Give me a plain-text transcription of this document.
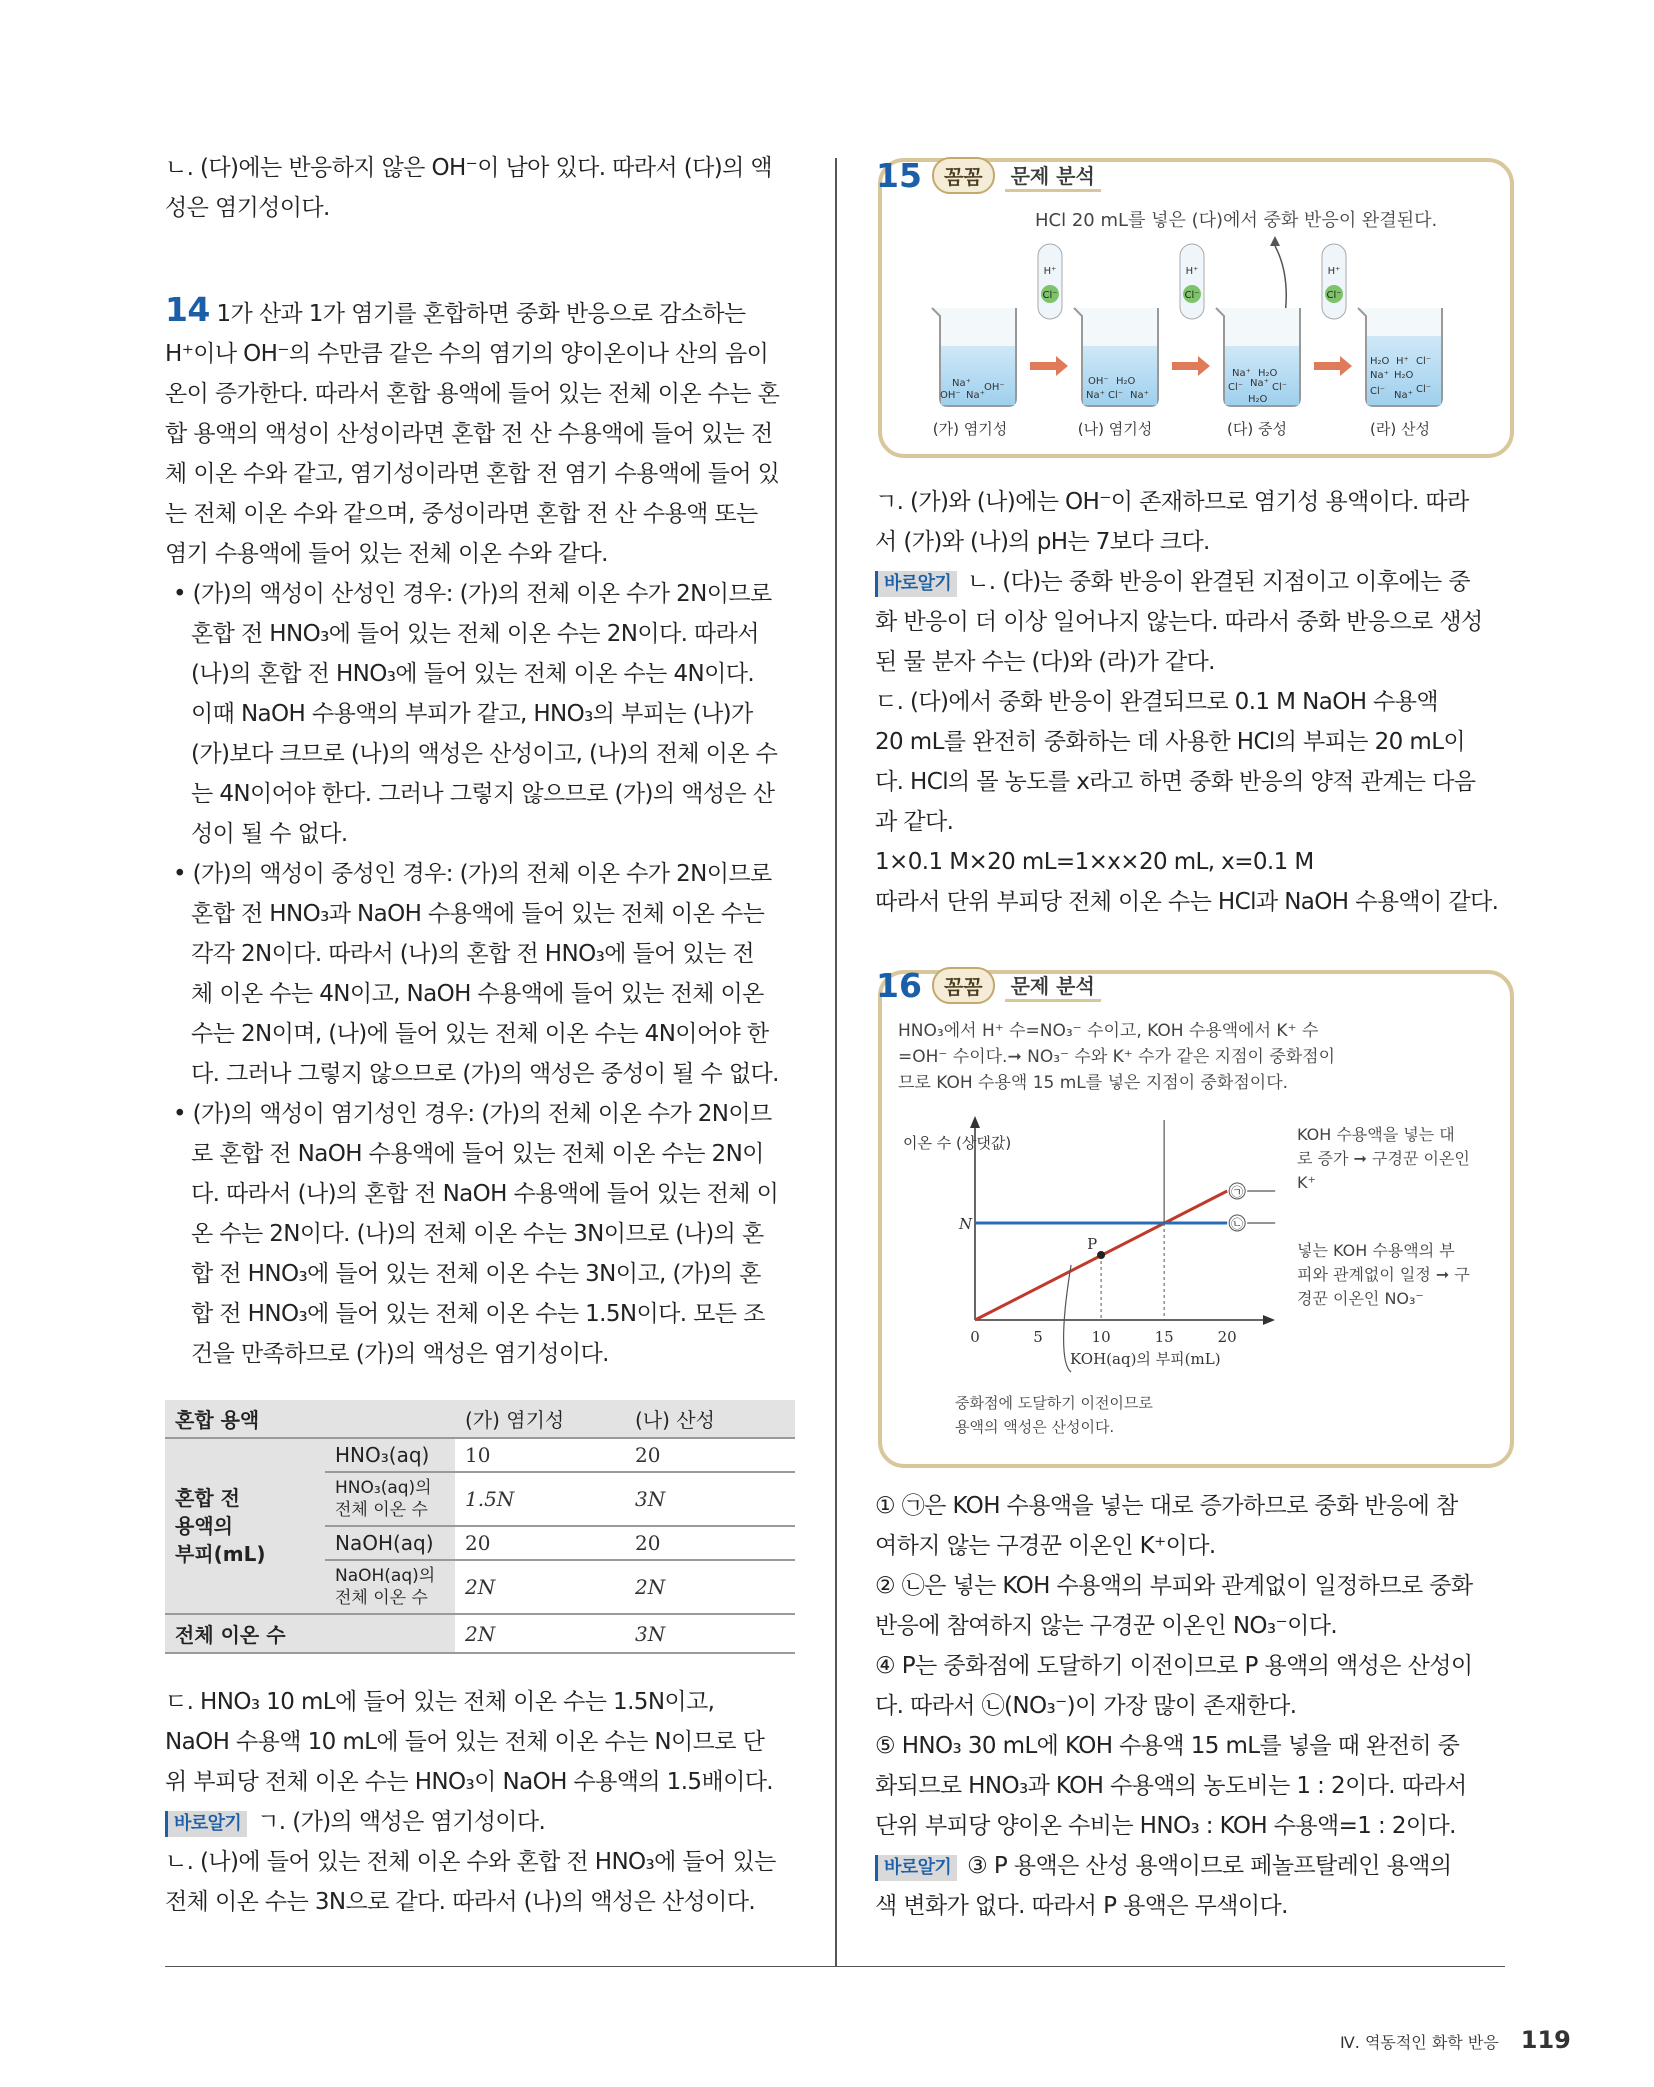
ㄴ. (다)에는 반응하지 않은 OH⁻이 남아 있다. 따라서 (다)의 액

성은 염기성이다.

14 1가 산과 1가 염기를 혼합하면 중화 반응으로 감소하는

H⁺이나 OH⁻의 수만큼 같은 수의 염기의 양이온이나 산의 음이

온이 증가한다. 따라서 혼합 용액에 들어 있는 전체 이온 수는 혼

합 용액의 액성이 산성이라면 혼합 전 산 수용액에 들어 있는 전

체 이온 수와 같고, 염기성이라면 혼합 전 염기 수용액에 들어 있

는 전체 이온 수와 같으며, 중성이라면 혼합 전 산 수용액 또는

염기 수용액에 들어 있는 전체 이온 수와 같다.

• (가)의 액성이 산성인 경우: (가)의 전체 이온 수가 2N이므로

혼합 전 HNO₃에 들어 있는 전체 이온 수는 2N이다. 따라서

(나)의 혼합 전 HNO₃에 들어 있는 전체 이온 수는 4N이다.

이때 NaOH 수용액의 부피가 같고, HNO₃의 부피는 (나)가

(가)보다 크므로 (나)의 액성은 산성이고, (나)의 전체 이온 수

는 4N이어야 한다. 그러나 그렇지 않으므로 (가)의 액성은 산

성이 될 수 없다.

• (가)의 액성이 중성인 경우: (가)의 전체 이온 수가 2N이므로

혼합 전 HNO₃과 NaOH 수용액에 들어 있는 전체 이온 수는

각각 2N이다. 따라서 (나)의 혼합 전 HNO₃에 들어 있는 전

체 이온 수는 4N이고, NaOH 수용액에 들어 있는 전체 이온

수는 2N이며, (나)에 들어 있는 전체 이온 수는 4N이어야 한

다. 그러나 그렇지 않으므로 (가)의 액성은 중성이 될 수 없다.

• (가)의 액성이 염기성인 경우: (가)의 전체 이온 수가 2N이므

로 혼합 전 NaOH 수용액에 들어 있는 전체 이온 수는 2N이

다. 따라서 (나)의 혼합 전 NaOH 수용액에 들어 있는 전체 이

온 수는 2N이다. (나)의 전체 이온 수는 3N이므로 (나)의 혼

합 전 HNO₃에 들어 있는 전체 이온 수는 3N이고, (가)의 혼

합 전 HNO₃에 들어 있는 전체 이온 수는 1.5N이다. 모든 조

건을 만족하므로 (가)의 액성은 염기성이다.

혼합 용액		(가) 염기성	(나) 산성

혼합 전
용액의
부피(mL)	HNO₃(aq)	10	20
	HNO₃(aq)의 전체 이온 수	1.5N	3N
	NaOH(aq)	20	20
	NaOH(aq)의 전체 이온 수	2N	2N
전체 이온 수		2N	3N

ㄷ. HNO₃ 10 mL에 들어 있는 전체 이온 수는 1.5N이고,

NaOH 수용액 10 mL에 들어 있는 전체 이온 수는 N이므로 단

위 부피당 전체 이온 수는 HNO₃이 NaOH 수용액의 1.5배이다.

바로알기 ㄱ. (가)의 액성은 염기성이다.

ㄴ. (나)에 들어 있는 전체 이온 수와 혼합 전 HNO₃에 들어 있는

전체 이온 수는 3N으로 같다. 따라서 (나)의 액성은 산성이다.

15	꼼꼼	문제 분석
HCl 20 mL를 넣은 (다)에서 중화 반응이 완결된다.
H⁺
Cl⁻
H⁺
Cl⁻
H⁺
Cl⁻
Na⁺
OH⁻ Na⁺
OH⁻
OH⁻ H₂O
Na⁺ Cl⁻ Na⁺
Na⁺ H₂O
Cl⁻ Na⁺ Cl⁻
H₂O
H₂O H⁺ Cl⁻
Na⁺ H₂O
Cl⁻ Na⁺
Cl⁻
(가) 염기성	(나) 염기성	(다) 중성	(라) 산성

ㄱ. (가)와 (나)에는 OH⁻이 존재하므로 염기성 용액이다. 따라

서 (가)와 (나)의 pH는 7보다 크다.

바로알기 ㄴ. (다)는 중화 반응이 완결된 지점이고 이후에는 중

화 반응이 더 이상 일어나지 않는다. 따라서 중화 반응으로 생성

된 물 분자 수는 (다)와 (라)가 같다.

ㄷ. (다)에서 중화 반응이 완결되므로 0.1 M NaOH 수용액

20 mL를 완전히 중화하는 데 사용한 HCl의 부피는 20 mL이

다. HCl의 몰 농도를 x라고 하면 중화 반응의 양적 관계는 다음

과 같다.

1×0.1 M×20 mL=1×x×20 mL, x=0.1 M

따라서 단위 부피당 전체 이온 수는 HCl과 NaOH 수용액이 같다.

16	꼼꼼	문제 분석
HNO₃에서 H⁺ 수=NO₃⁻ 수이고, KOH 수용액에서 K⁺ 수
=OH⁻ 수이다.➞ NO₃⁻ 수와 K⁺ 수가 같은 지점이 중화점이
므로 KOH 수용액 15 mL를 넣은 지점이 중화점이다.
이온 수 (상댓값)
㉠
㉡
N
0	5	10	15	20
P
KOH(aq)의 부피(mL)
KOH 수용액을 넣는 대
로 증가 ➞ 구경꾼 이온인
K⁺
넣는 KOH 수용액의 부
피와 관계없이 일정 ➞ 구
경꾼 이온인 NO₃⁻
중화점에 도달하기 이전이므로
용액의 액성은 산성이다.

① ㉠은 KOH 수용액을 넣는 대로 증가하므로 중화 반응에 참

여하지 않는 구경꾼 이온인 K⁺이다.

② ㉡은 넣는 KOH 수용액의 부피와 관계없이 일정하므로 중화

반응에 참여하지 않는 구경꾼 이온인 NO₃⁻이다.

④ P는 중화점에 도달하기 이전이므로 P 용액의 액성은 산성이

다. 따라서 ㉡(NO₃⁻)이 가장 많이 존재한다.

⑤ HNO₃ 30 mL에 KOH 수용액 15 mL를 넣을 때 완전히 중

화되므로 HNO₃과 KOH 수용액의 농도비는 1 : 2이다. 따라서

단위 부피당 양이온 수비는 HNO₃ : KOH 수용액=1 : 2이다.

바로알기 ③ P 용액은 산성 용액이므로 페놀프탈레인 용액의

색 변화가 없다. 따라서 P 용액은 무색이다.

Ⅳ. 역동적인 화학 반응 119
